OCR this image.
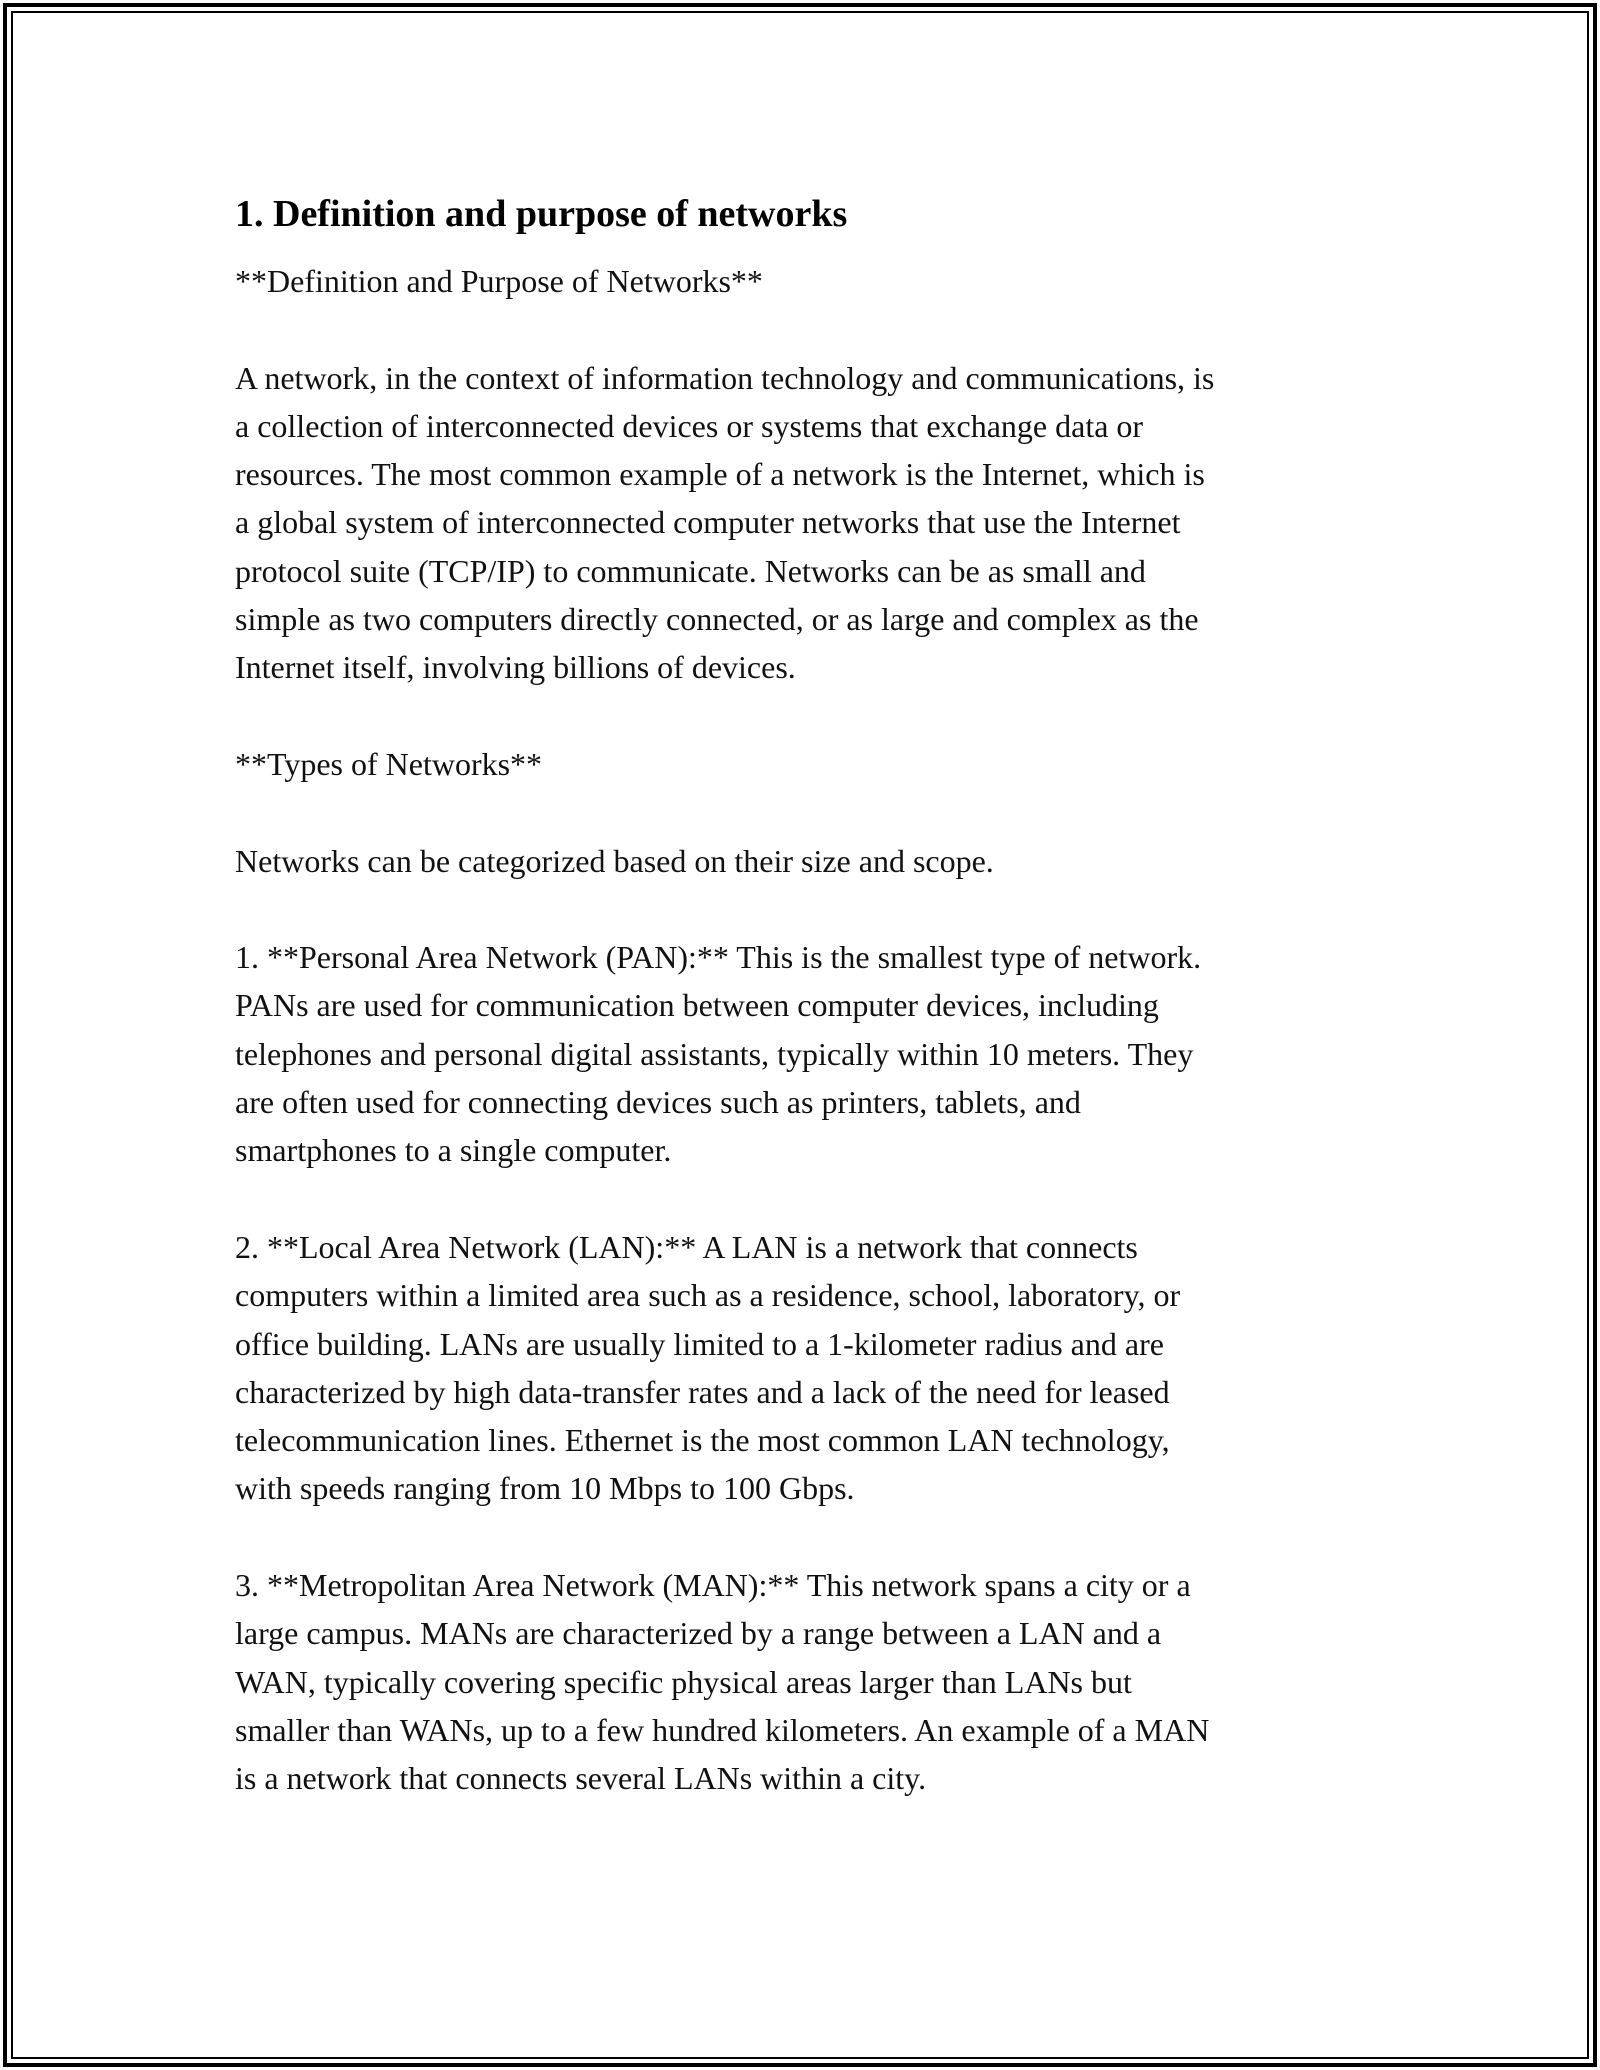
1. Definition and purpose of networks

**Definition and Purpose of Networks**

A network, in the context of information technology and communications, is
a collection of interconnected devices or systems that exchange data or
resources. The most common example of a network is the Internet, which is
a global system of interconnected computer networks that use the Internet
protocol suite (TCP/IP) to communicate. Networks can be as small and
simple as two computers directly connected, or as large and complex as the
Internet itself, involving billions of devices.

**Types of Networks**

Networks can be categorized based on their size and scope.

1. **Personal Area Network (PAN):** This is the smallest type of network.
PANs are used for communication between computer devices, including
telephones and personal digital assistants, typically within 10 meters. They
are often used for connecting devices such as printers, tablets, and
smartphones to a single computer.

2. **Local Area Network (LAN):** A LAN is a network that connects
computers within a limited area such as a residence, school, laboratory, or
office building. LANs are usually limited to a 1-kilometer radius and are
characterized by high data-transfer rates and a lack of the need for leased
telecommunication lines. Ethernet is the most common LAN technology,
with speeds ranging from 10 Mbps to 100 Gbps.

3. **Metropolitan Area Network (MAN):** This network spans a city or a
large campus. MANs are characterized by a range between a LAN and a
WAN, typically covering specific physical areas larger than LANs but
smaller than WANs, up to a few hundred kilometers. An example of a MAN
is a network that connects several LANs within a city.
